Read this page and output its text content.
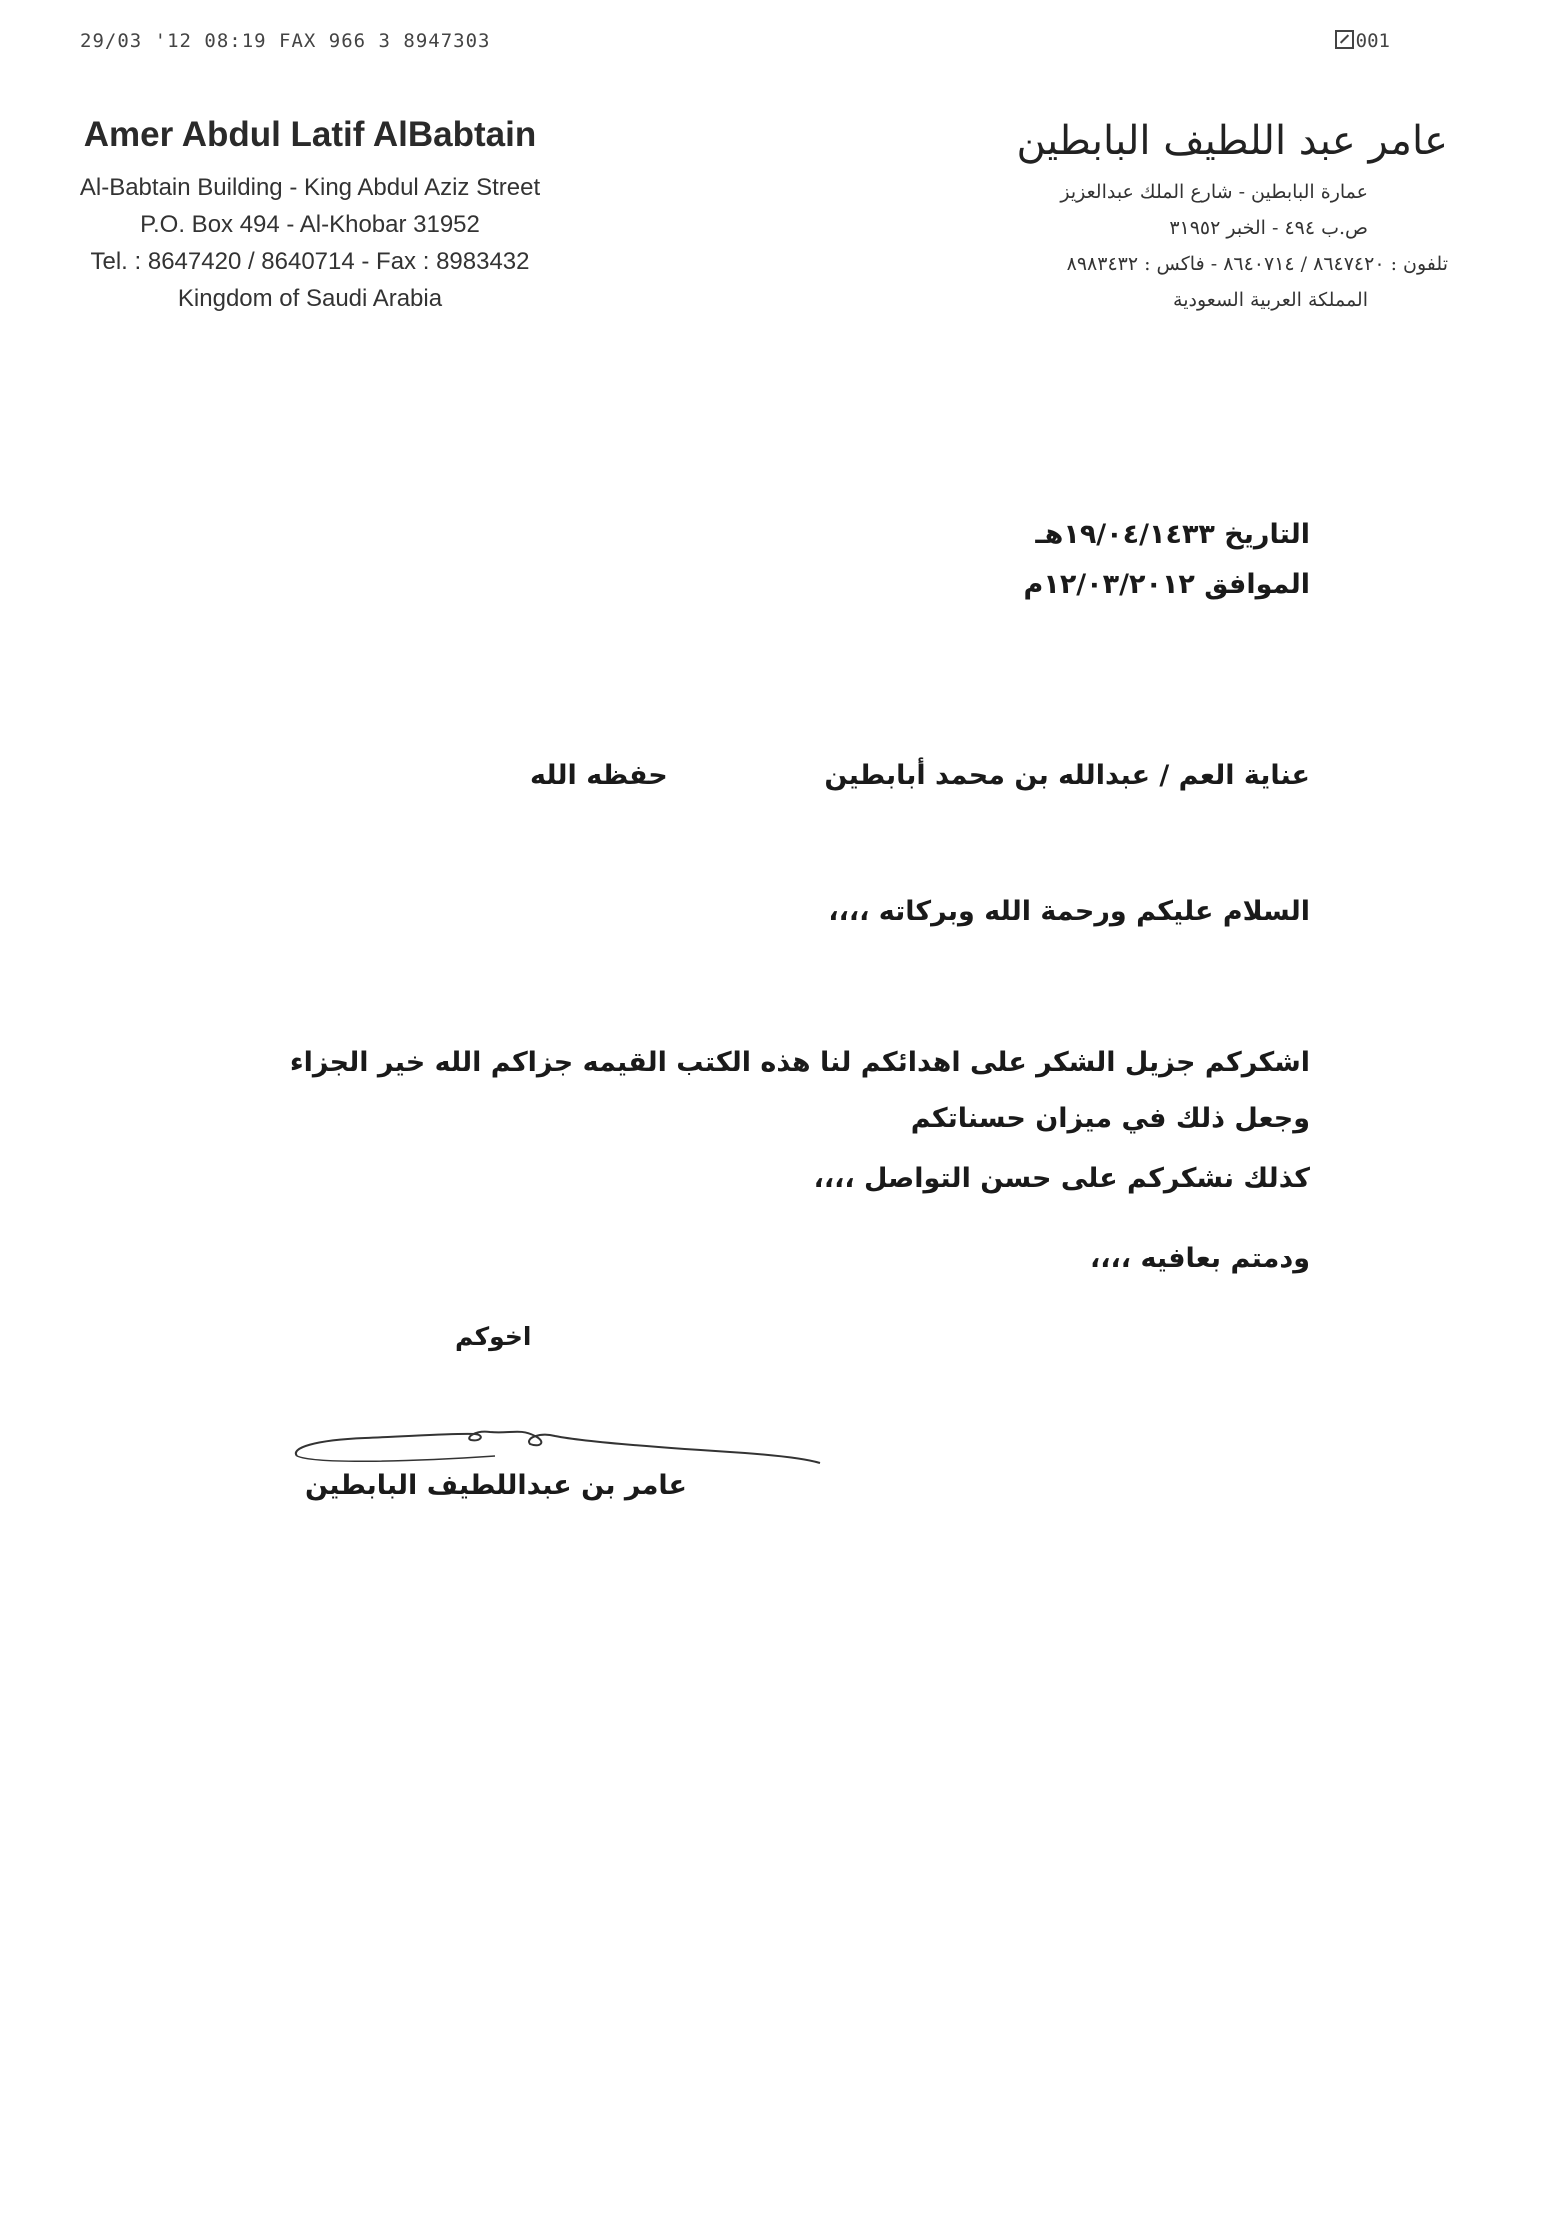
29/03 '12 08:19 FAX 966 3 8947303	001
Amer Abdul Latif AlBabtain
Al-Babtain Building - King Abdul Aziz Street
P.O. Box 494 - Al-Khobar 31952
Tel. : 8647420 / 8640714 - Fax : 8983432
Kingdom of Saudi Arabia
عامر عبد اللطيف البابطين
عمارة البابطين - شارع الملك عبدالعزيز
ص.ب ٤٩٤ - الخبر ٣١٩٥٢
تلفون : ٨٦٤٧٤٢٠ / ٨٦٤٠٧١٤ - فاكس : ٨٩٨٣٤٣٢
المملكة العربية السعودية
التاريخ ١٩/٠٤/١٤٣٣هـ
الموافق ١٢/٠٣/٢٠١٢م
عناية العم / عبدالله بن محمد أبابطين
حفظه الله
السلام عليكم ورحمة الله وبركاته ،،،،
اشكركم جزيل الشكر على اهدائكم لنا هذه الكتب القيمه جزاكم الله خير الجزاء وجعل ذلك في ميزان حسناتكم
كذلك نشكركم على حسن التواصل ،،،،
ودمتم بعافيه ،،،،
اخوكم
عامر بن عبداللطيف البابطين
